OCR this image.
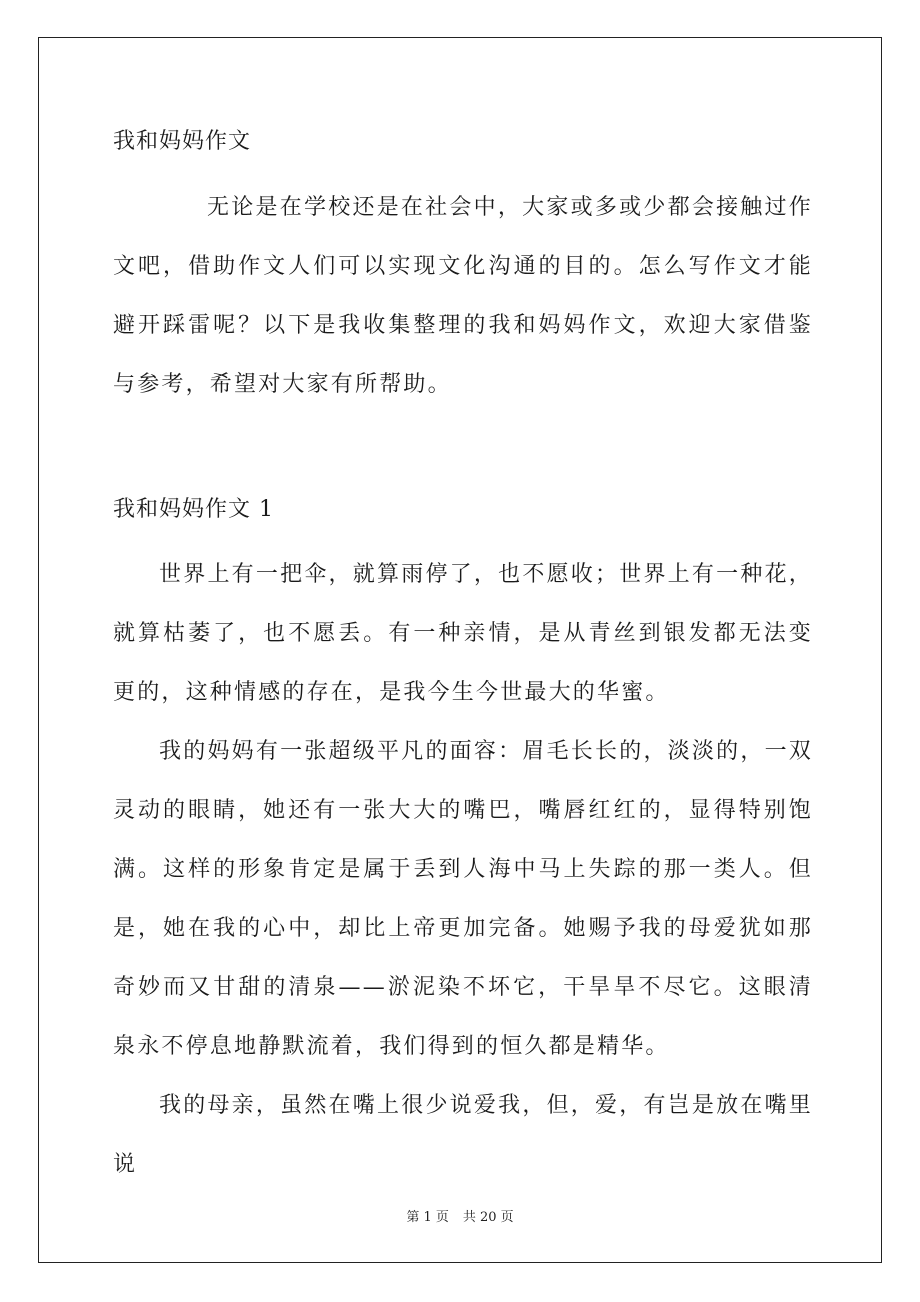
我和妈妈作文

无论是在学校还是在社会中，大家或多或少都会接触过作文吧，借助作文人们可以实现文化沟通的目的。怎么写作文才能避开踩雷呢？以下是我收集整理的我和妈妈作文，欢迎大家借鉴与参考，希望对大家有所帮助。

我和妈妈作文 1

世界上有一把伞，就算雨停了，也不愿收；世界上有一种花，就算枯萎了，也不愿丢。有一种亲情，是从青丝到银发都无法变更的，这种情感的存在，是我今生今世最大的华蜜。

我的妈妈有一张超级平凡的面容：眉毛长长的，淡淡的，一双灵动的眼睛，她还有一张大大的嘴巴，嘴唇红红的，显得特别饱满。这样的形象肯定是属于丢到人海中马上失踪的那一类人。但是，她在我的心中，却比上帝更加完备。她赐予我的母爱犹如那奇妙而又甘甜的清泉——淤泥染不坏它，干旱旱不尽它。这眼清泉永不停息地静默流着，我们得到的恒久都是精华。

我的母亲，虽然在嘴上很少说爱我，但，爱，有岂是放在嘴里说

第 1 页 共 20 页
